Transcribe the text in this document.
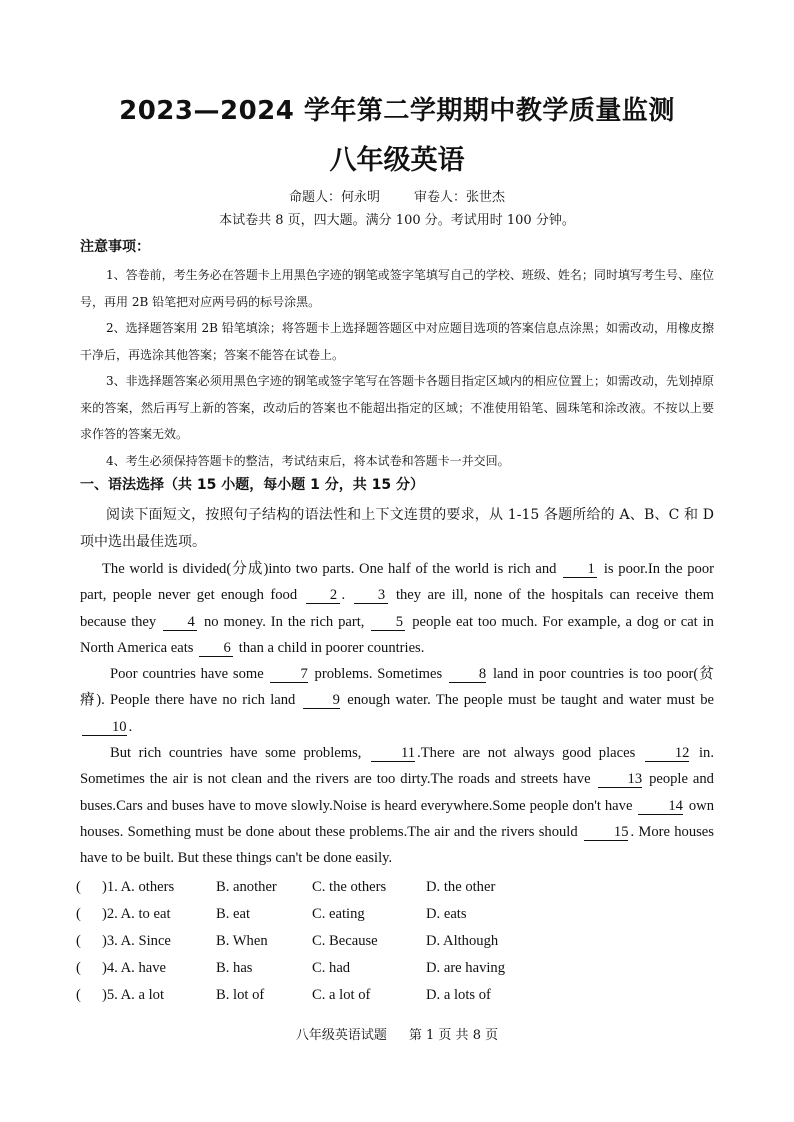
2023—2024 学年第二学期期中教学质量监测
八年级英语
命题人：何永明	审卷人：张世杰
本试卷共 8 页，四大题。满分 100 分。考试用时 100 分钟。
注意事项：

1、答卷前，考生务必在答题卡上用黑色字迹的钢笔或签字笔填写自己的学校、班级、姓名；同时填写考生号、座位号，再用 2B 铅笔把对应两号码的标号涂黑。

2、选择题答案用 2B 铅笔填涂；将答题卡上选择题答题区中对应题目选项的答案信息点涂黑；如需改动，用橡皮擦干净后，再选涂其他答案；答案不能答在试卷上。

3、非选择题答案必须用黑色字迹的钢笔或签字笔写在答题卡各题目指定区域内的相应位置上；如需改动，先划掉原来的答案，然后再写上新的答案，改动后的答案也不能超出指定的区域；不准使用铅笔、圆珠笔和涂改液。不按以上要求作答的答案无效。

4、考生必须保持答题卡的整洁，考试结束后，将本试卷和答题卡一并交回。

一、语法选择（共 15 小题，每小题 1 分，共 15 分）
阅读下面短文，按照句子结构的语法性和上下文连贯的要求，从 1-15 各题所给的 A、B、C 和 D 项中选出最佳选项。

The world is divided(分成)into two parts. One half of the world is rich and 1 is poor.In the poor part, people never get enough food 2 . 3 they are ill, none of the hospitals can receive them because they 4 no money. In the rich part, 5 people eat too much. For example, a dog or cat in North America eats 6 than a child in poorer countries.

Poor countries have some	7 problems. Sometimes	8 land in poor countries is too poor(贫瘠). People there have no rich land	9 enough water. The people must be taught and water must be 10 .

But rich countries have some problems,	11 .There are not always good places	12 in. Sometimes the air is not clean and the rivers are too dirty.The roads and streets have	13 people and buses.Cars and buses have to move slowly.Noise is heard everywhere.Some people don't have 14 own houses. Something must be done about these problems.The air and the rivers should 15 . More houses have to be built. But these things can't be done easily.

(	)1. A. others	B. another	C. the others	D. the other
(	)2. A. to eat	B. eat	C. eating	D. eats
(	)3. A. Since	B. When	C. Because	D. Although
(	)4. A. have	B. has	C. had	D. are having
(	)5. A. a lot	B. lot of	C. a lot of	D. a lots of
八年级英语试题 第 1 页 共 8 页
